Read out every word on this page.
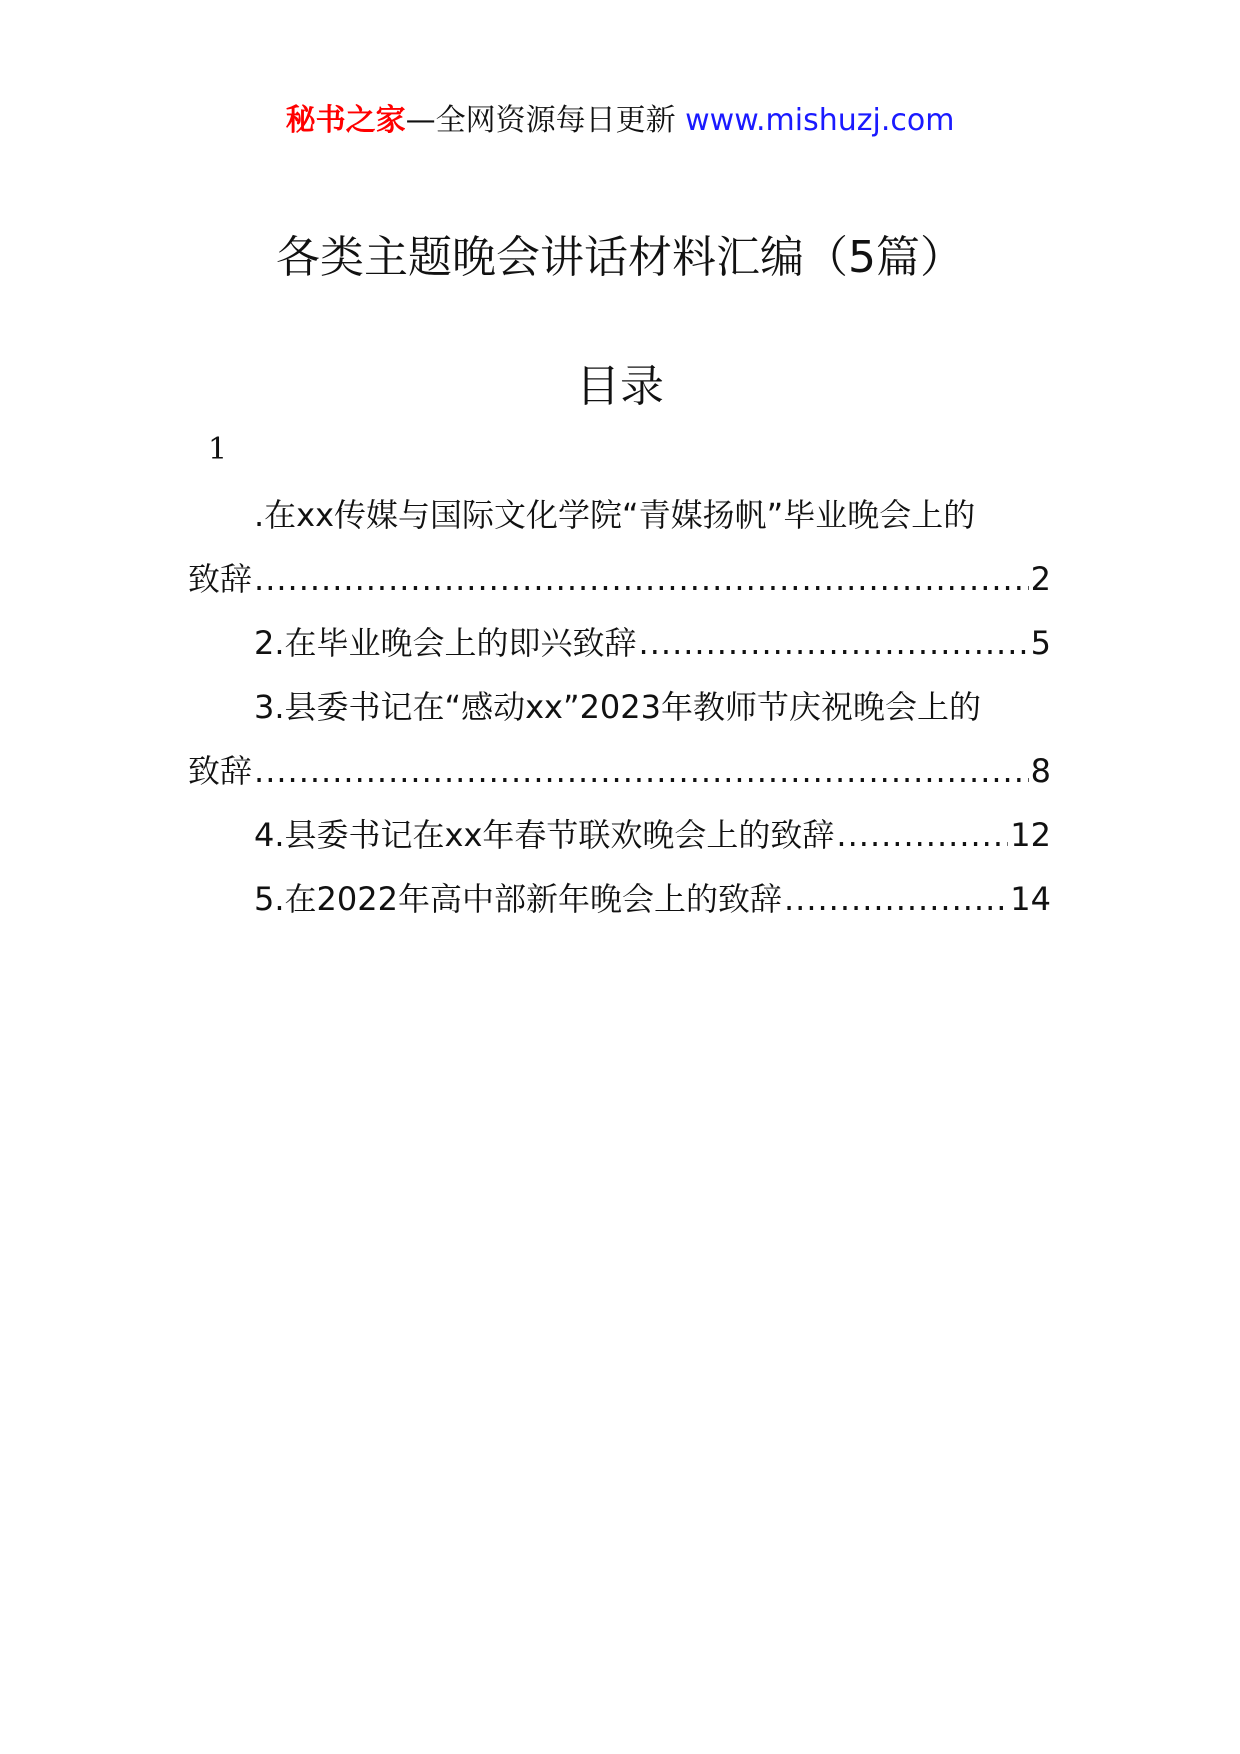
秘书之家—全网资源每日更新 www.mishuzj.com
各类主题晚会讲话材料汇编（5篇）
目录
1
.在xx传媒与国际文化学院“青媒扬帆”毕业晚会上的
致辞 .....	2
2.在毕业晚会上的即兴致辞 .....	5
3.县委书记在“感动xx”2023年教师节庆祝晚会上的
致辞 .....	8
4.县委书记在xx年春节联欢晚会上的致辞 .....	12
5.在2022年高中部新年晚会上的致辞 .....	14
